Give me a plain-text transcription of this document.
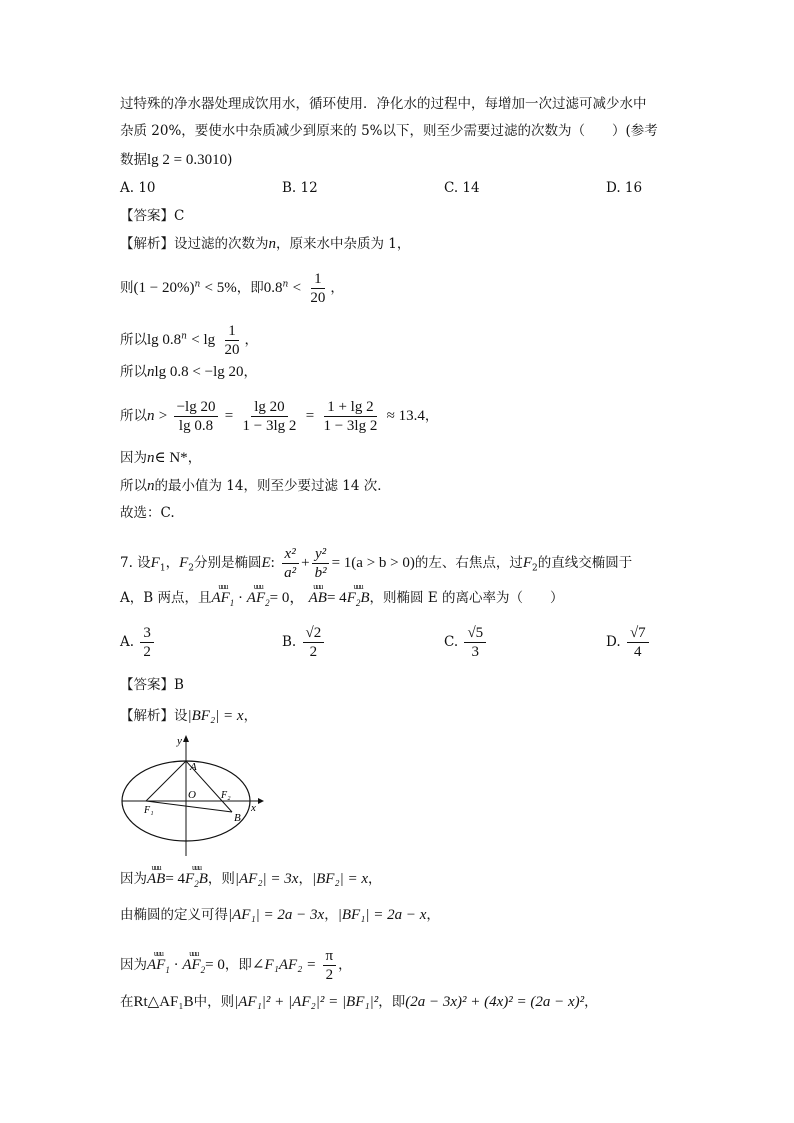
过特殊的净水器处理成饮用水，循环使用．净化水的过程中，每增加一次过滤可减少水中
杂质 20%，要使水中杂质减少到原来的 5%以下，则至少需要过滤的次数为（　　）(参考
数据lg 2 = 0.3010)
A. 10	B. 12	C. 14	D. 16
【答案】C
【解析】设过滤的次数为n，原来水中杂质为 1，
则$(1 - 20\%)^n < 5\%$，即$0.8^n < \frac{1}{20}$ ，
所以$\lg 0.8^n < \lg \frac{1}{20}$ ，
所以nlg 0.8 < −lg 20，
所以$n > \frac{-\lg 20}{\lg 0.8} = \frac{\lg 20}{1 - 3\lg 2} = \frac{1 + \lg 2}{1 - 3\lg 2} \approx 13.4$，
因为n∈ N*，
所以n的最小值为 14，则至少要过滤 14 次．
故选：C.
7. 设$F_1$，$F_2$分别是椭圆E: $\frac{\text{x²}}{\text{a²}} + \frac{\text{y²}}{\text{b²}} = 1(a > b > 0)$的左、右焦点，过$F_2$的直线交椭圆于
A，B 两点，且uuu $AF_1$ · uuu $AF_2= 0$， uuu AB= 4uuu $F_2B$，则椭圆 E 的离心率为（　　）
A. $\frac{3}{2}$	B. $\frac{√2}{2}$	C. $\frac{√5}{3}$	D. $\frac{√7}{4}$
【答案】B
【解析】设|BF₂| = x，
y
A
O	F₂
F₁
B
x
因为uuu AB= 4uuu $F_2B$，则|AF₂| = 3x，|BF₂| = x，
由椭圆的定义可得|AF₁| = 2a − 3x，|BF₁| = 2a − x，
因为uuu $AF_1$ · uuu $AF_2= 0$，即∠F₁AF₂ = $\frac{\pi}{2}$ ，
在Rt△AF₁B中，则|AF₁|² + |AF₂|² = |BF₁|²，即(2a − 3x)² + (4x)² = (2a − x)²，
